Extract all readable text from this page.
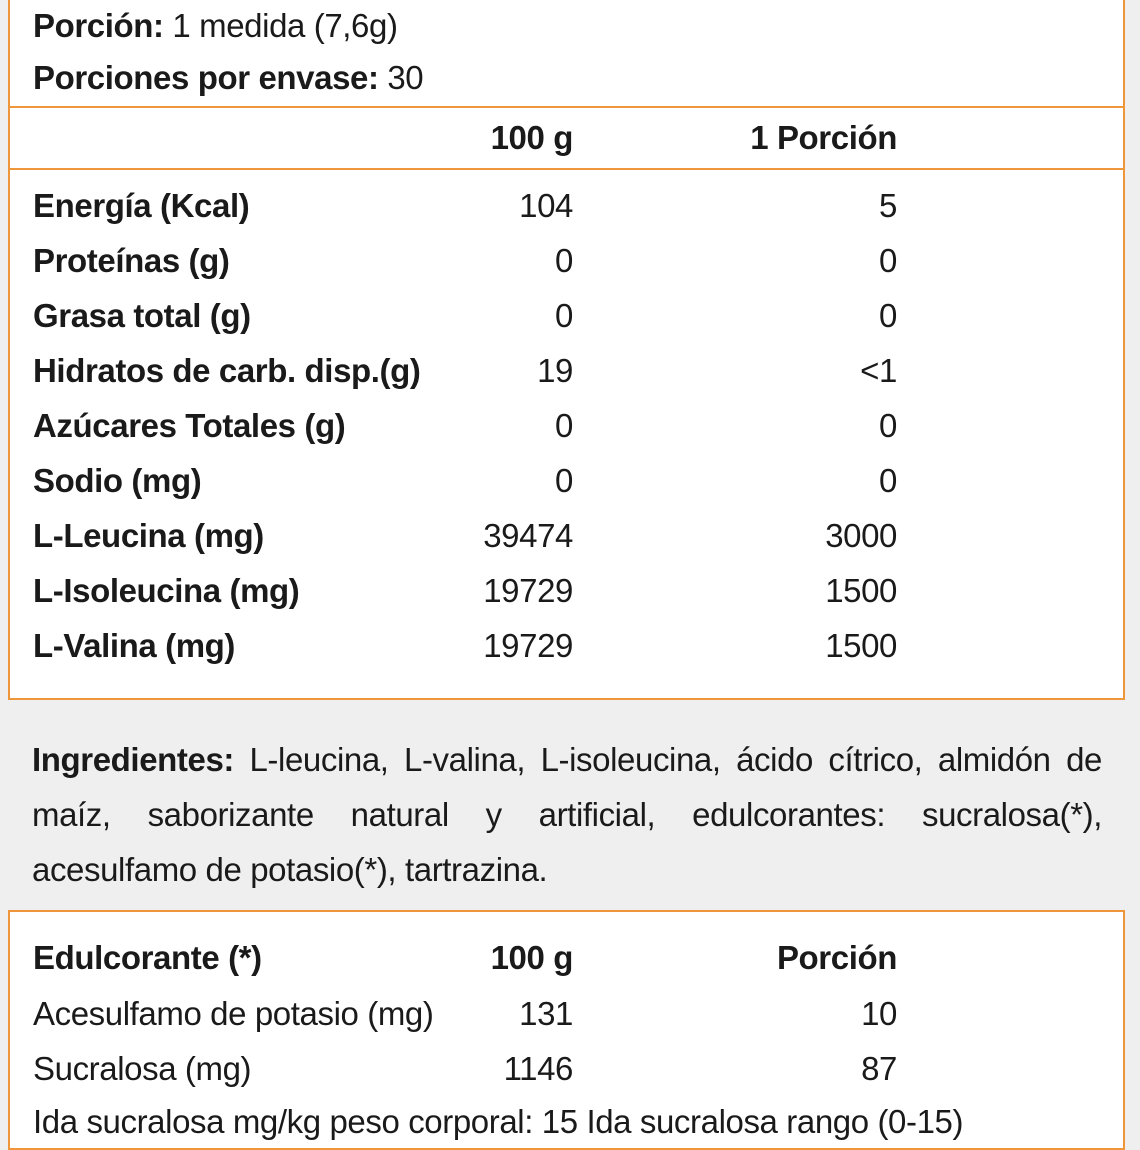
Porción: 1 medida (7,6g)
Porciones por envase: 30
100 g	1 Porción
Energía (Kcal)	104	5
Proteínas (g)	0	0
Grasa total (g)	0	0
Hidratos de carb. disp.(g)	19	<1
Azúcares Totales (g)	0	0
Sodio (mg)	0	0
L-Leucina (mg)	39474	3000
L-Isoleucina (mg)	19729	1500
L-Valina (mg)	19729	1500
Ingredientes: L-leucina, L-valina, L-isoleucina, ácido cítrico, almidón de maíz, saborizante natural y artificial, edulcorantes: sucralosa(*), acesulfamo de potasio(*), tartrazina.
Edulcorante (*)	100 g	Porción
Acesulfamo de potasio (mg)	131	10
Sucralosa (mg)	1146	87
Ida sucralosa mg/kg peso corporal: 15 Ida sucralosa rango (0-15)
